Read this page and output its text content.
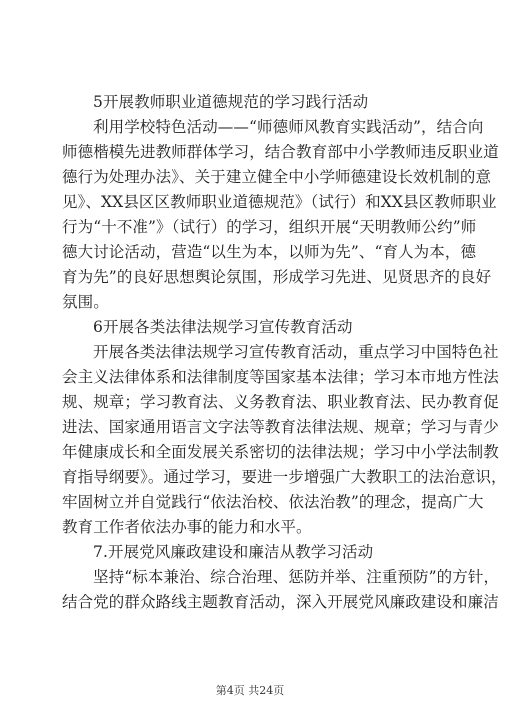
5开展教师职业道德规范的学习践行活动
利用学校特色活动——“师德师风教育实践活动”，结合向
师德楷模先进教师群体学习，结合教育部中小学教师违反职业道
德行为处理办法》、关于建立健全中小学师德建设长效机制的意
见》、XX县区区教师职业道德规范》（试行）和XX县区教师职业
行为“十不准”》（试行）的学习，组织开展“天明教师公约”师
德大讨论活动，营造“以生为本，以师为先”、“育人为本，德
育为先”的良好思想舆论氛围，形成学习先进、见贤思齐的良好
氛围。
6开展各类法律法规学习宣传教育活动
开展各类法律法规学习宣传教育活动，重点学习中国特色社
会主义法律体系和法律制度等国家基本法律；学习本市地方性法
规、规章；学习教育法、义务教育法、职业教育法、民办教育促
进法、国家通用语言文字法等教育法律法规、规章；学习与青少
年健康成长和全面发展关系密切的法律法规；学习中小学法制教
育指导纲要》。通过学习，要进一步增强广大教职工的法治意识，
牢固树立并自觉践行“依法治校、依法治教”的理念，提高广大
教育工作者依法办事的能力和水平。
7.开展党风廉政建设和廉洁从教学习活动
坚持“标本兼治、综合治理、惩防并举、注重预防”的方针，
结合党的群众路线主题教育活动，深入开展党风廉政建设和廉洁
第4页 共24页
